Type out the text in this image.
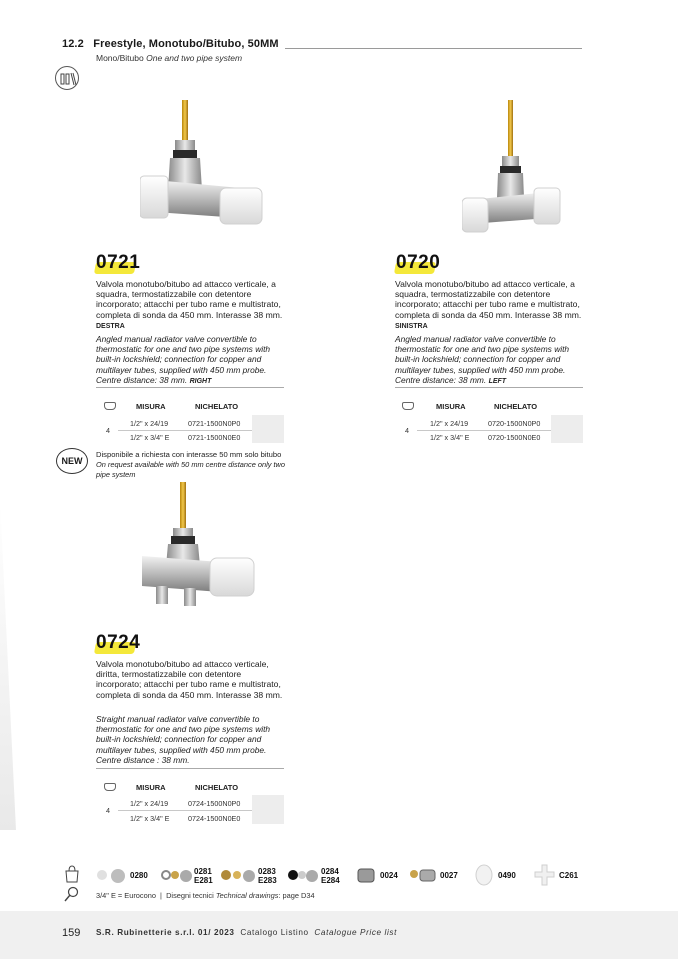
12.2 Freestyle, Monotubo/Bitubo, 50MM
Mono/Bitubo One and two pipe system
0721
Valvola monotubo/bitubo ad attacco verticale, a squadra, termostatizzabile con detentore incorporato; attacchi per tubo rame e multistrato, completa di sonda da 450 mm. Interasse 38 mm. DESTRA
Angled manual radiator valve convertible to thermostatic for one and two pipe systems with built-in lockshield; connection for copper and multilayer tubes, supplied with 450 mm probe. Centre distance: 38 mm. RIGHT
MISURA	NICHELATO
4
1/2" x 24/19	0721-1500N0P0
1/2" x 3/4" E	0721-1500N0E0
0720
Valvola monotubo/bitubo ad attacco verticale, a squadra, termostatizzabile con detentore incorporato; attacchi per tubo rame e multistrato, completa di sonda da 450 mm. Interasse 38 mm. SINISTRA
Angled manual radiator valve convertible to thermostatic for one and two pipe systems with built-in lockshield; connection for copper and multilayer tubes, supplied with 450 mm probe. Centre distance: 38 mm. LEFT
MISURA	NICHELATO
4
1/2" x 24/19	0720-1500N0P0
1/2" x 3/4" E	0720-1500N0E0
NEW
Disponibile a richiesta con interasse 50 mm solo bitubo
On request available with 50 mm centre distance only two pipe system
0724
Valvola monotubo/bitubo ad attacco verticale, diritta, termostatizzabile con detentore incorporato; attacchi per tubo rame e multistrato, completa di sonda da 450 mm. Interasse 38 mm.
Straight manual radiator valve convertible to thermostatic for one and two pipe systems with built-in lockshield; connection for copper and multilayer tubes, supplied with 450 mm probe. Centre distance : 38 mm.
MISURA	NICHELATO
4
1/2" x 24/19	0724-1500N0P0
1/2" x 3/4" E	0724-1500N0E0
0280	0281
E281
0283
E283
0284
E284
0024	0027	0490	C261
3/4" E = Eurocono  |  Disegni tecnici Technical drawings: page D34
159 S.R. Rubinetterie s.r.l. 01/ 2023 Catalogo Listino Catalogue Price list
